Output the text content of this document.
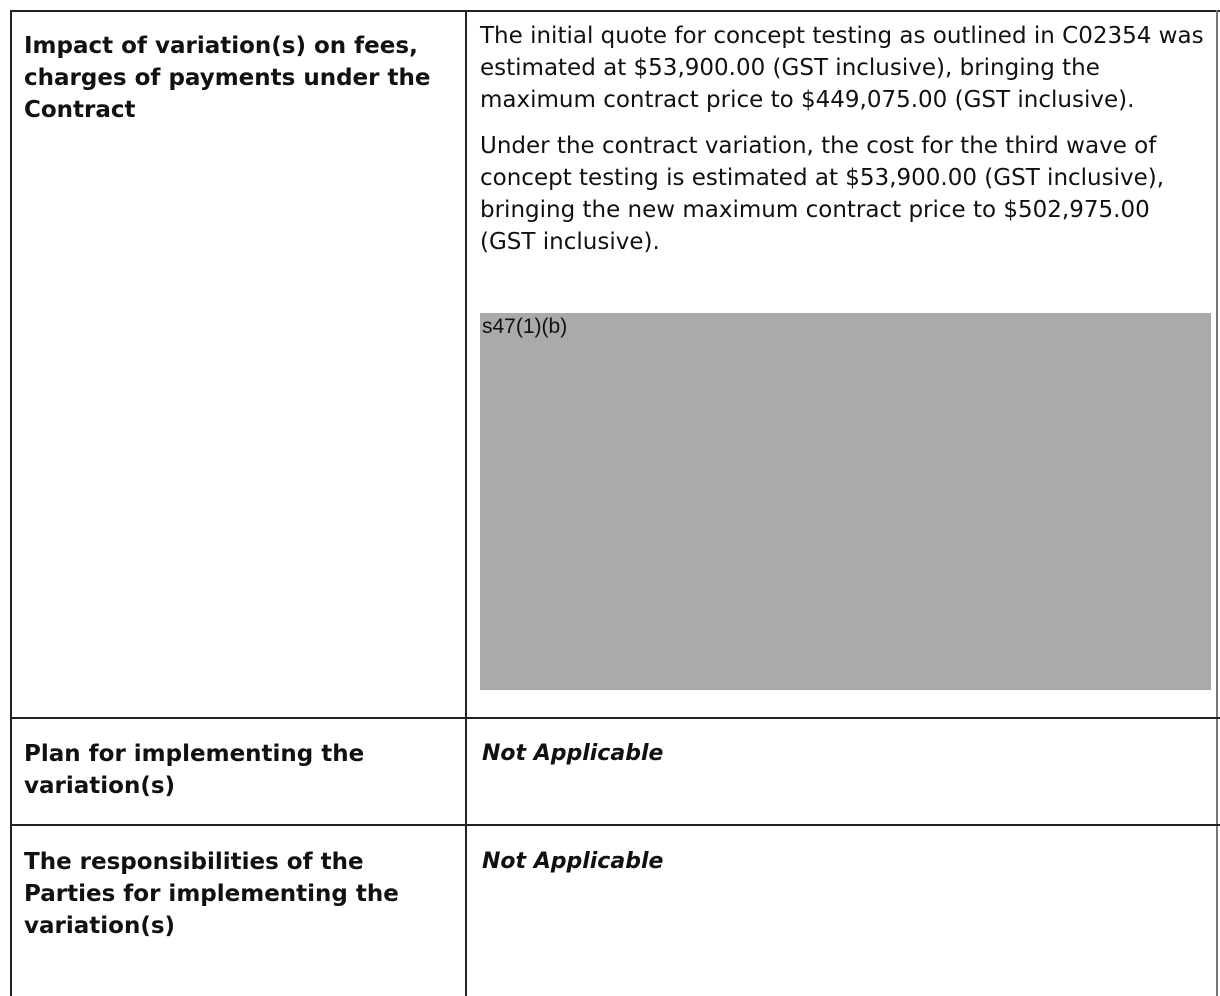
Impact of variation(s) on fees, charges of payments under the Contract

The initial quote for concept testing as outlined in C02354 was estimated at $53,900.00 (GST inclusive), bringing the maximum contract price to $449,075.00 (GST inclusive).

Under the contract variation, the cost for the third wave of concept testing is estimated at $53,900.00 (GST inclusive), bringing the new maximum contract price to $502,975.00 (GST inclusive).

s47(1)(b)
Plan for implementing the variation(s)
Not Applicable
The responsibilities of the Parties for implementing the variation(s)
Not Applicable
